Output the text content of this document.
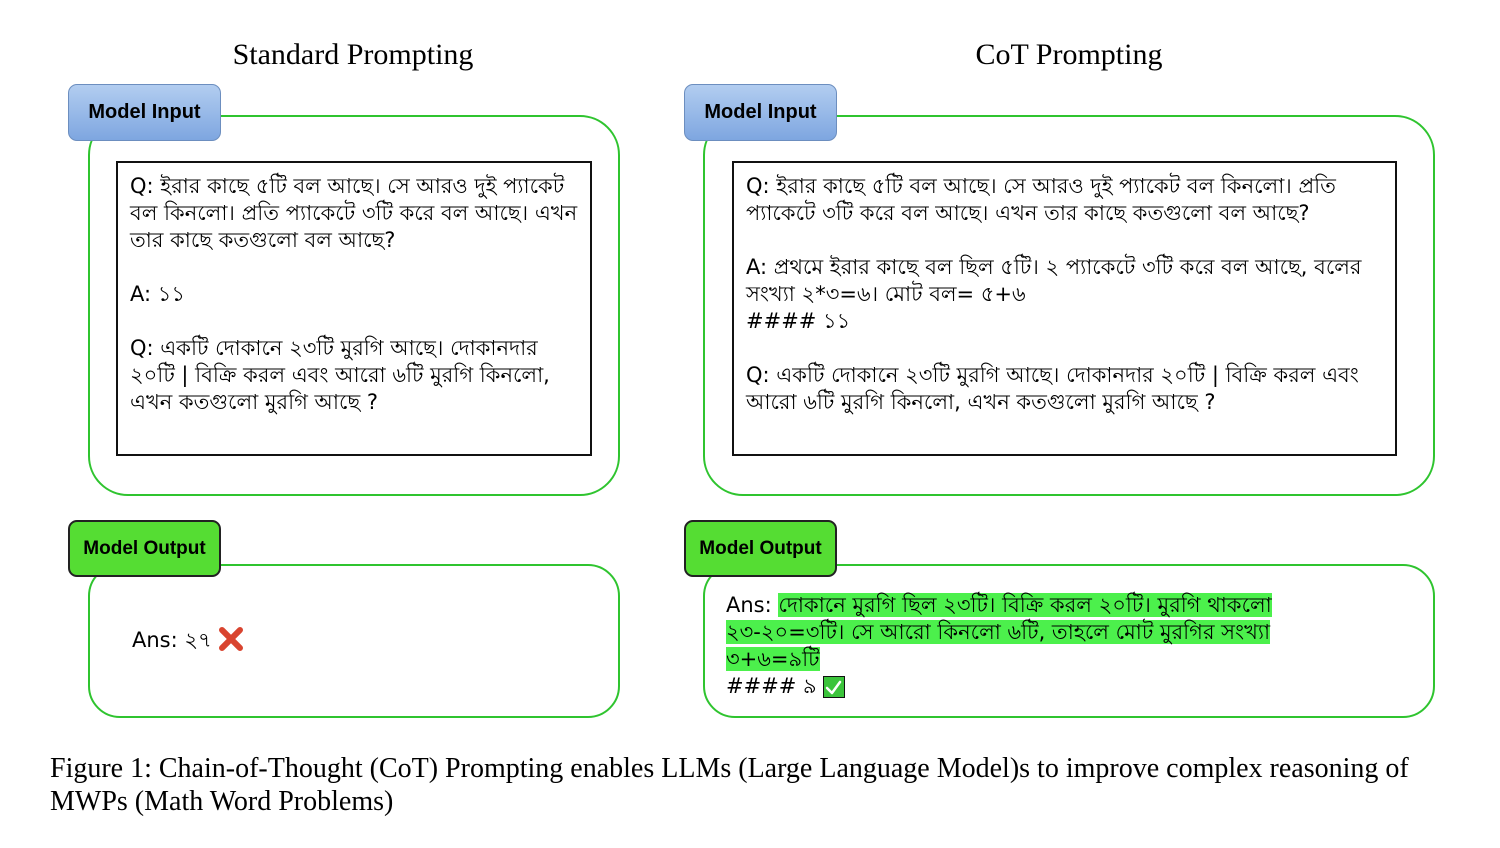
Standard Prompting	CoT Prompting
Model Input

Q: ইরার কাছে ৫টি বল আছে। সে আরও দুই প্যাকেট বল কিনলো। প্রতি প্যাকেটে ৩টি করে বল আছে। এখন তার কাছে কতগুলো বল আছে?

A: ১১

Q: একটি দোকানে ২৩টি মুরগি আছে। দোকানদার ২০টি | বিক্রি করল এবং আরো ৬টি মুরগি কিনলো, এখন কতগুলো মুরগি আছে ?

Model Output
Ans: ২৭
Model Input

Q: ইরার কাছে ৫টি বল আছে। সে আরও দুই প্যাকেট বল কিনলো। প্রতি প্যাকেটে ৩টি করে বল আছে। এখন তার কাছে কতগুলো বল আছে?

A: প্রথমে ইরার কাছে বল ছিল ৫টি। ২ প্যাকেটে ৩টি করে বল আছে, বলের সংখ্যা ২*৩=৬। মোট বল= ৫+৬

#### ১১

Q: একটি দোকানে ২৩টি মুরগি আছে। দোকানদার ২০টি | বিক্রি করল এবং আরো ৬টি মুরগি কিনলো, এখন কতগুলো মুরগি আছে ?

Model Output
Ans: দোকানে মুরগি ছিল ২৩টি। বিক্রি করল ২০টি। মুরগি থাকলো
২৩-২০=৩টি। সে আরো কিনলো ৬টি, তাহলে মোট মুরগির সংখ্যা
৩+৬=৯টি
#### ৯
Figure 1: Chain-of-Thought (CoT) Prompting enables LLMs (Large Language Model)s to improve complex reasoning of MWPs (Math Word Problems)
